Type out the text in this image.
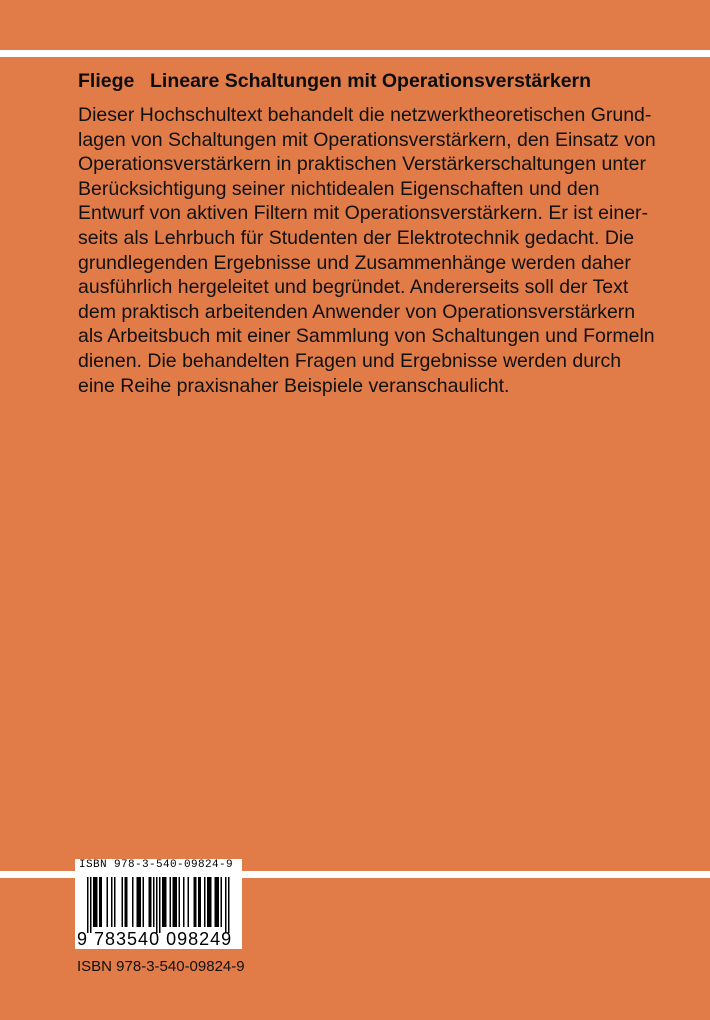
Fliege Lineare Schaltungen mit Operationsverstärkern

Dieser Hochschultext behandelt die netzwerktheoretischen Grund-
lagen von Schaltungen mit Operationsverstärkern, den Einsatz von
Operationsverstärkern in praktischen Verstärkerschaltungen unter
Berücksichtigung seiner nichtidealen Eigenschaften und den
Entwurf von aktiven Filtern mit Operationsverstärkern. Er ist einer-
seits als Lehrbuch für Studenten der Elektrotechnik gedacht. Die
grundlegenden Ergebnisse und Zusammenhänge werden daher
ausführlich hergeleitet und begründet. Andererseits soll der Text
dem praktisch arbeitenden Anwender von Operationsverstärkern
als Arbeitsbuch mit einer Sammlung von Schaltungen und Formeln
dienen. Die behandelten Fragen und Ergebnisse werden durch
eine Reihe praxisnaher Beispiele veranschaulicht.

ISBN 978-3-540-09824-9
9 783540 098249
ISBN 978-3-540-09824-9
